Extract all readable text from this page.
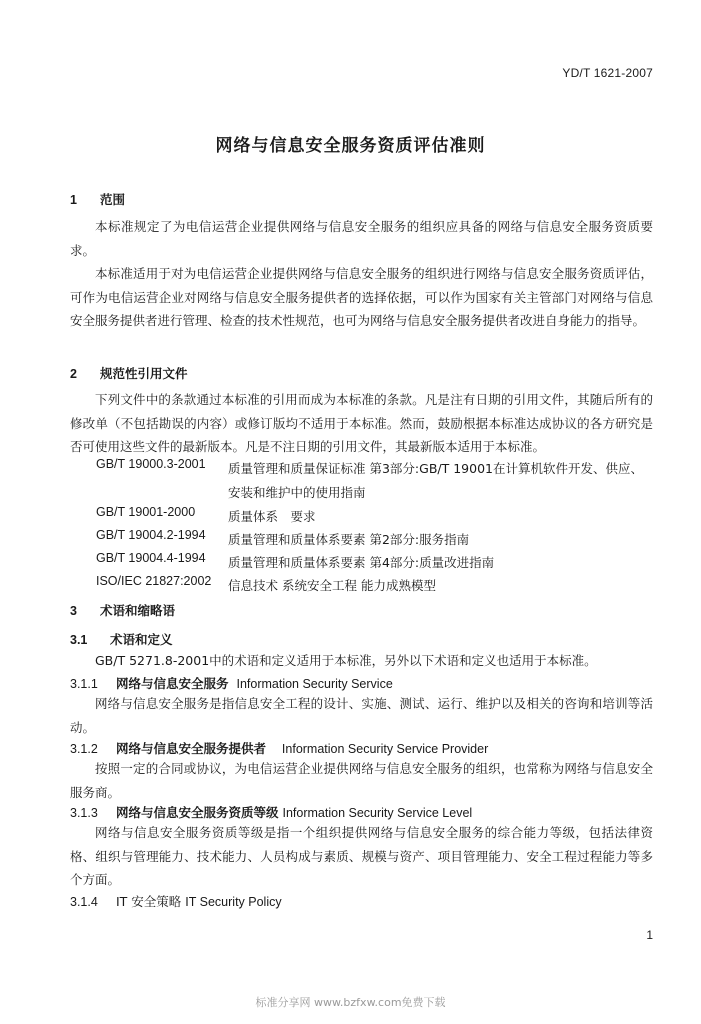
YD/T 1621-2007
网络与信息安全服务资质评估准则
1 范围

本标准规定了为电信运营企业提供网络与信息安全服务的组织应具备的网络与信息安全服务资质要求。

本标准适用于对为电信运营企业提供网络与信息安全服务的组织进行网络与信息安全服务资质评估，可作为电信运营企业对网络与信息安全服务提供者的选择依据，可以作为国家有关主管部门对网络与信息安全服务提供者进行管理、检查的技术性规范，也可为网络与信息安全服务提供者改进自身能力的指导。

2 规范性引用文件

下列文件中的条款通过本标准的引用而成为本标准的条款。凡是注有日期的引用文件，其随后所有的修改单（不包括勘误的内容）或修订版均不适用于本标准。然而，鼓励根据本标准达成协议的各方研究是否可使用这些文件的最新版本。凡是不注日期的引用文件，其最新版本适用于本标准。

GB/T 19000.3-2001 质量管理和质量保证标准 第3部分:GB/T 19001在计算机软件开发、供应、安装和维护中的使用指南
GB/T 19001-2000	质量体系　要求
GB/T 19004.2-1994 质量管理和质量体系要素 第2部分:服务指南
GB/T 19004.4-1994 质量管理和质量体系要素 第4部分:质量改进指南
ISO/IEC 21827:2002 信息技术 系统安全工程 能力成熟模型
3 术语和缩略语
3.1 术语和定义

GB/T 5271.8-2001中的术语和定义适用于本标准，另外以下术语和定义也适用于本标准。

3.1.1 网络与信息安全服务 Information Security Service

网络与信息安全服务是指信息安全工程的设计、实施、测试、运行、维护以及相关的咨询和培训等活动。

3.1.2 网络与信息安全服务提供者 Information Security Service Provider

按照一定的合同或协议，为电信运营企业提供网络与信息安全服务的组织，也常称为网络与信息安全服务商。

3.1.3 网络与信息安全服务资质等级 Information Security Service Level

网络与信息安全服务资质等级是指一个组织提供网络与信息安全服务的综合能力等级，包括法律资格、组织与管理能力、技术能力、人员构成与素质、规模与资产、项目管理能力、安全工程过程能力等多个方面。

3.1.4 IT 安全策略 IT Security Policy
1
标准分享网 www.bzfxw.com免费下载
